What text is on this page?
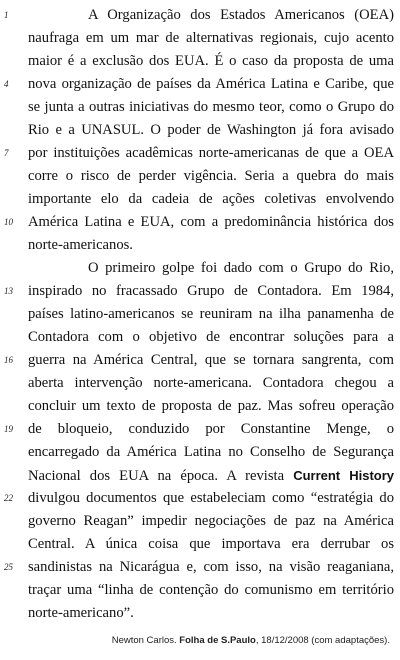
1
4
7
10
13
16
19
22
25
A Organização dos Estados Americanos (OEA)
naufraga em um mar de alternativas regionais, cujo acento
maior é a exclusão dos EUA. É o caso da proposta de uma
nova organização de países da América Latina e Caribe, que
se junta a outras iniciativas do mesmo teor, como o Grupo do
Rio e a UNASUL. O poder de Washington já fora avisado
por instituições acadêmicas norte-americanas de que a OEA
corre o risco de perder vigência. Seria a quebra do mais
importante elo da cadeia de ações coletivas envolvendo
América Latina e EUA, com a predominância histórica dos
norte-americanos.
O primeiro golpe foi dado com o Grupo do Rio,
inspirado no fracassado Grupo de Contadora. Em 1984,
países latino-americanos se reuniram na ilha panamenha de
Contadora com o objetivo de encontrar soluções para a
guerra na América Central, que se tornara sangrenta, com
aberta intervenção norte-americana. Contadora chegou a
concluir um texto de proposta de paz. Mas sofreu operação
de bloqueio, conduzido por Constantine Menge, o
encarregado da América Latina no Conselho de Segurança
Nacional dos EUA na época. A revista Current History
divulgou documentos que estabeleciam como “estratégia do
governo Reagan” impedir negociações de paz na América
Central. A única coisa que importava era derrubar os
sandinistas na Nicarágua e, com isso, na visão reaganiana,
traçar uma “linha de contenção do comunismo em território
norte-americano”.
Newton Carlos. Folha de S.Paulo, 18/12/2008 (com adaptações).
